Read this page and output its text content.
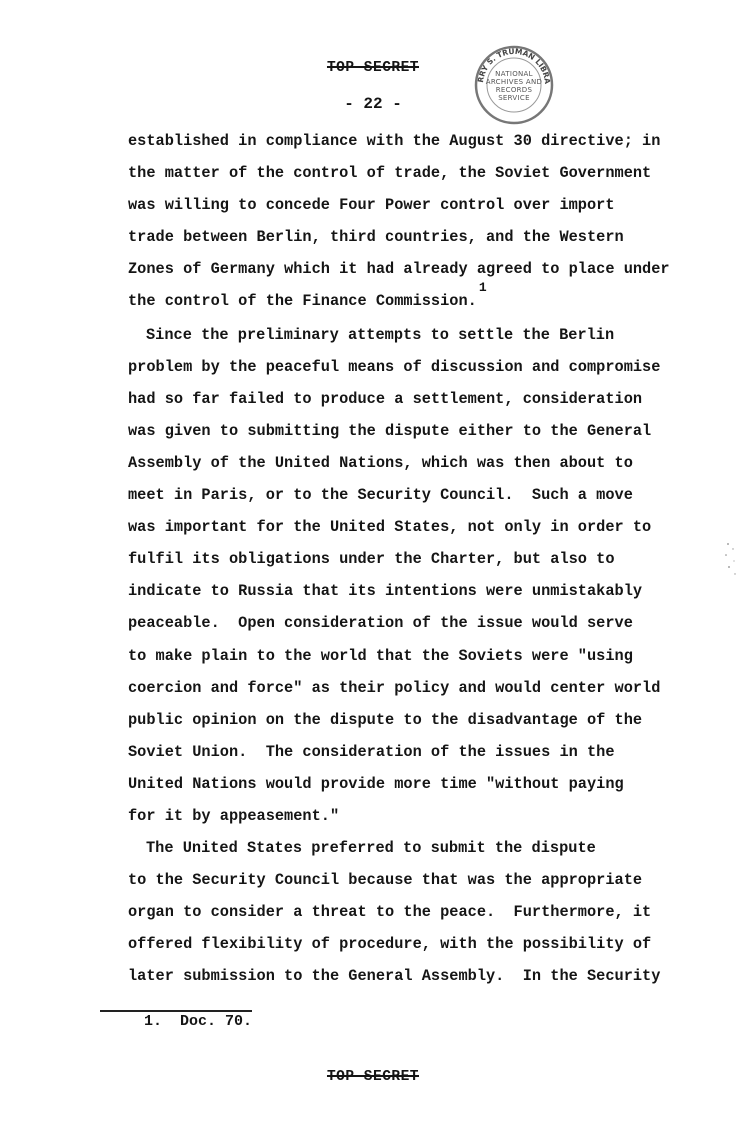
TOP SECRET
- 22 -
RRY S. TRUMAN LIBRA
NATIONAL
ARCHIVES AND
RECORDS
SERVICE

established in compliance with the August 30 directive; in
the matter of the control of trade, the Soviet Government
was willing to concede Four Power control over import
trade between Berlin, third countries, and the Western
Zones of Germany which it had already agreed to place under
the control of the Finance Commission.$^1$

Since the preliminary attempts to settle the Berlin
problem by the peaceful means of discussion and compromise
had so far failed to produce a settlement, consideration
was given to submitting the dispute either to the General
Assembly of the United Nations, which was then about to
meet in Paris, or to the Security Council.  Such a move
was important for the United States, not only in order to
fulfil its obligations under the Charter, but also to
indicate to Russia that its intentions were unmistakably
peaceable.  Open consideration of the issue would serve
to make plain to the world that the Soviets were "using
coercion and force" as their policy and would center world
public opinion on the dispute to the disadvantage of the
Soviet Union.  The consideration of the issues in the
United Nations would provide more time "without paying
for it by appeasement."

The United States preferred to submit the dispute
to the Security Council because that was the appropriate
organ to consider a threat to the peace.  Furthermore, it
offered flexibility of procedure, with the possibility of
later submission to the General Assembly.  In the Security

1.  Doc. 70.
TOP SECRET
